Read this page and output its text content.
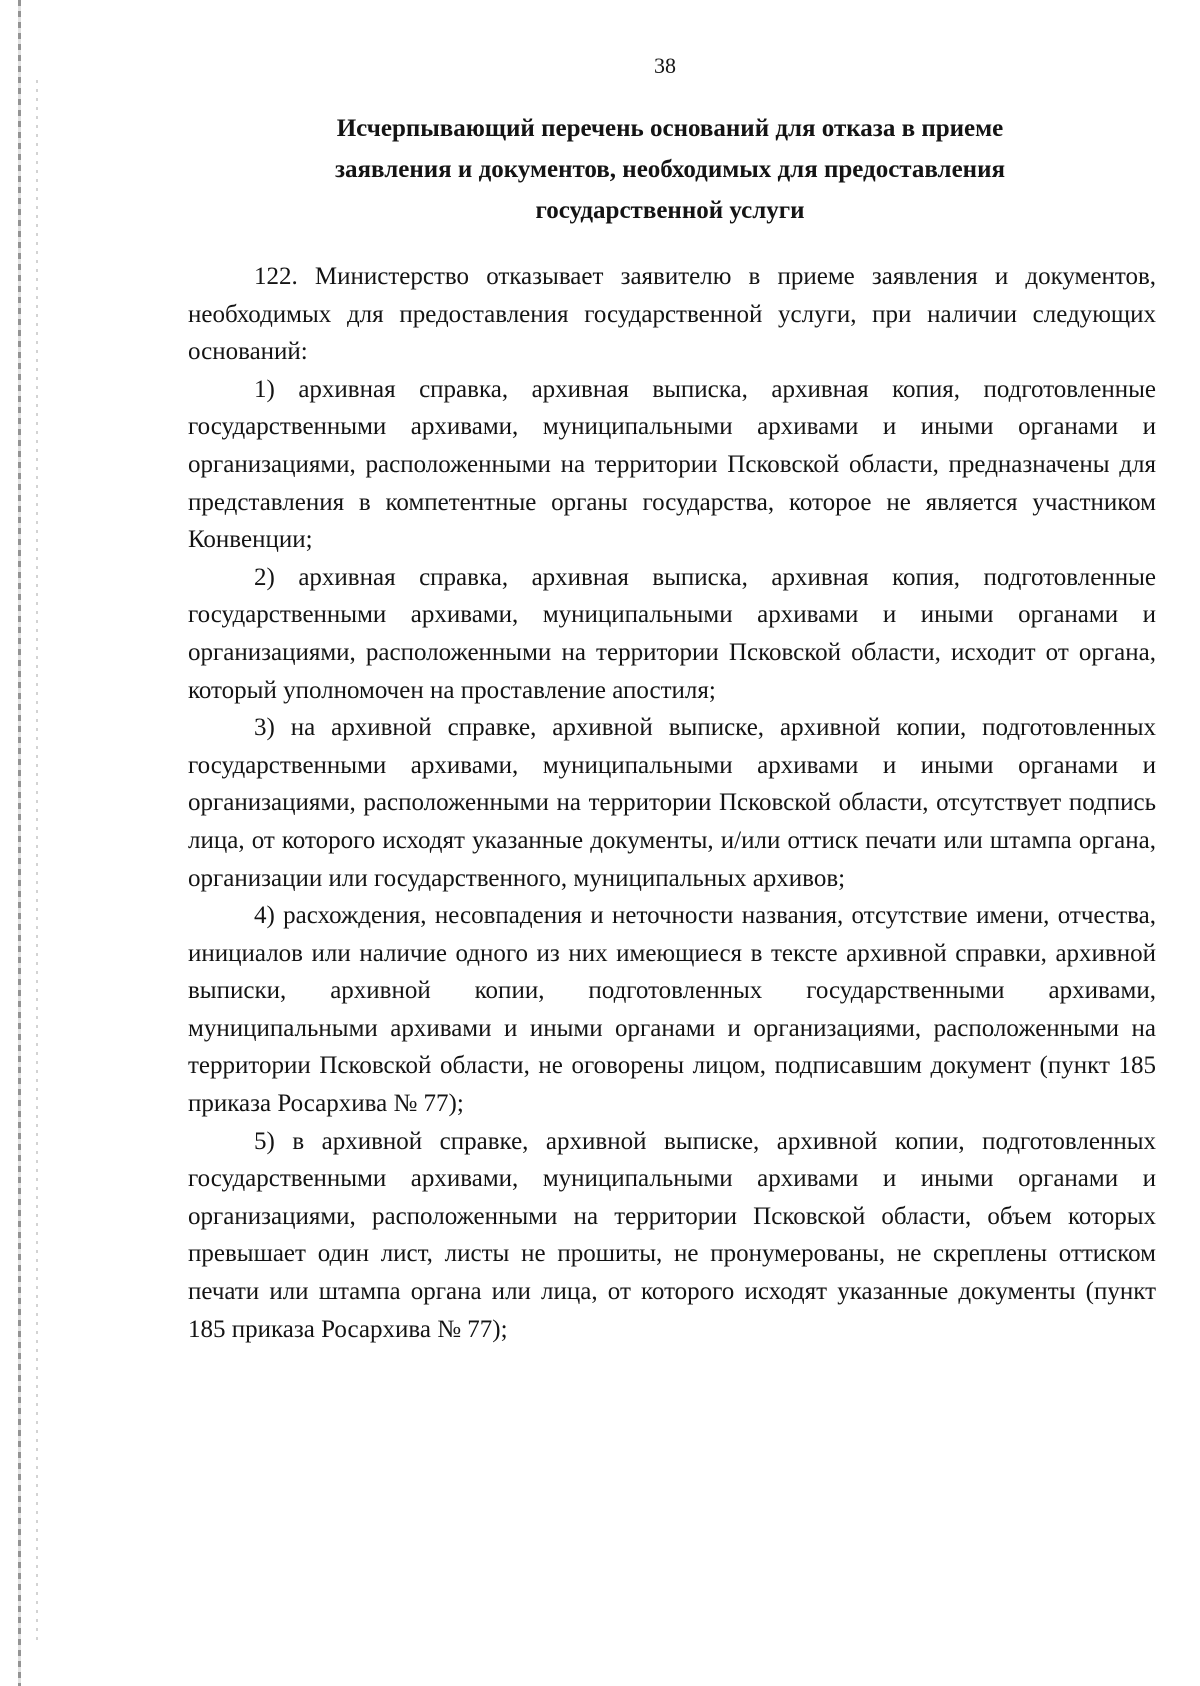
38
Исчерпывающий перечень оснований для отказа в приеме
заявления и документов, необходимых для предоставления
государственной услуги

122. Министерство отказывает заявителю в приеме заявления и документов, необходимых для предоставления государственной услуги, при наличии следующих оснований:

1) архивная справка, архивная выписка, архивная копия, подготовленные государственными архивами, муниципальными архивами и иными органами и организациями, расположенными на территории Псковской области, предназначены для представления в компетентные органы государства, которое не является участником Конвенции;

2) архивная справка, архивная выписка, архивная копия, подготовленные государственными архивами, муниципальными архивами и иными органами и организациями, расположенными на территории Псковской области, исходит от органа, который уполномочен на проставление апостиля;

3) на архивной справке, архивной выписке, архивной копии, подготовленных государственными архивами, муниципальными архивами и иными органами и организациями, расположенными на территории Псковской области, отсутствует подпись лица, от которого исходят указанные документы, и/или оттиск печати или штампа органа, организации или государственного, муниципальных архивов;

4) расхождения, несовпадения и неточности названия, отсутствие имени, отчества, инициалов или наличие одного из них имеющиеся в тексте архивной справки, архивной выписки, архивной копии, подготовленных государственными архивами, муниципальными архивами и иными органами и организациями, расположенными на территории Псковской области, не оговорены лицом, подписавшим документ (пункт 185 приказа Росархива № 77);

5) в архивной справке, архивной выписке, архивной копии, подготовленных государственными архивами, муниципальными архивами и иными органами и организациями, расположенными на территории Псковской области, объем которых превышает один лист, листы не прошиты, не пронумерованы, не скреплены оттиском печати или штампа органа или лица, от которого исходят указанные документы (пункт 185 приказа Росархива № 77);
